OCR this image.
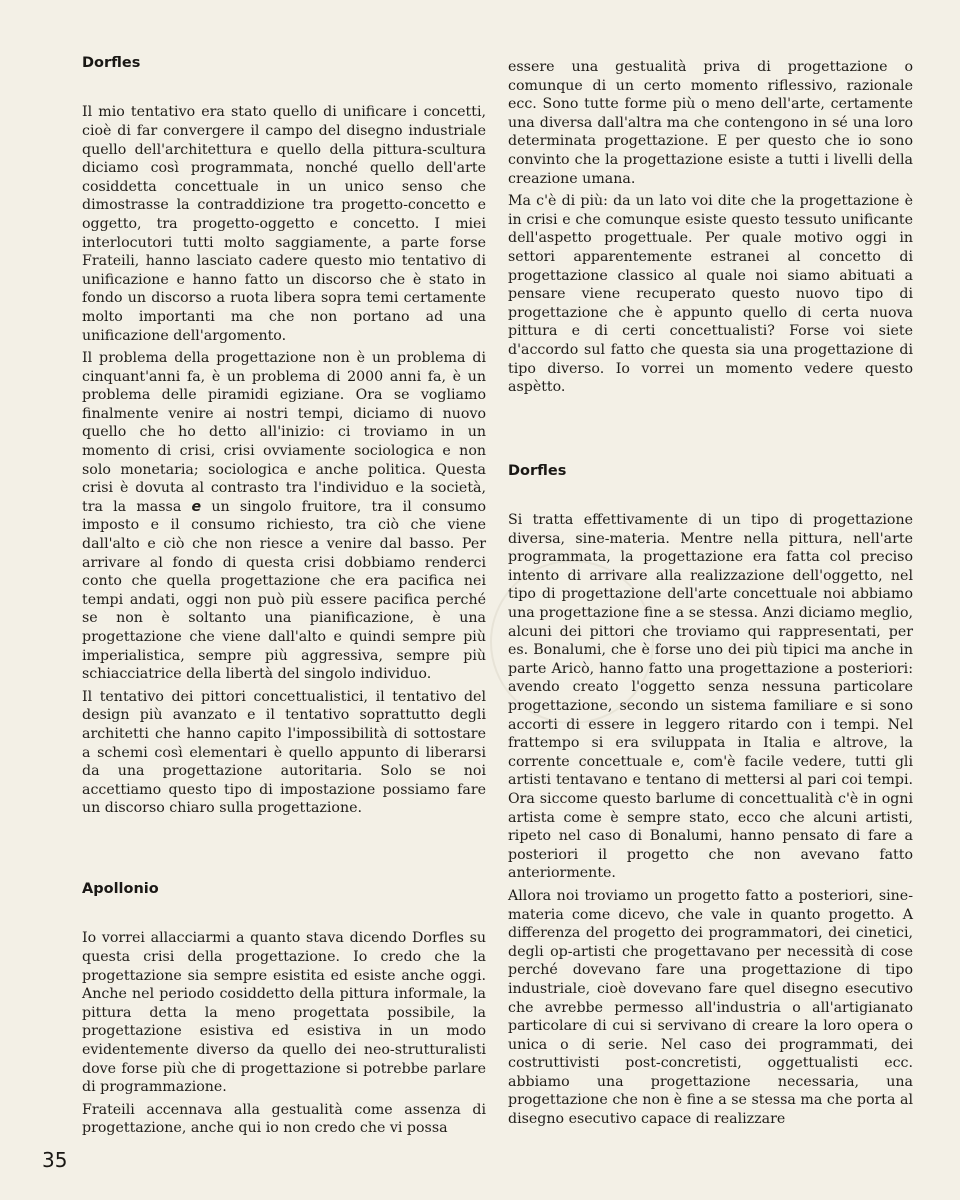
Dorfles

Il mio tentativo era stato quello di unificare i concetti, cioè di far convergere il campo del disegno industriale quello dell'architettura e quello della pittura-scultura diciamo così programmata, nonché quello dell'arte cosiddetta concettuale in un unico senso che dimostrasse la contraddizione tra progetto-concetto e oggetto, tra progetto-oggetto e concetto. I miei interlocutori tutti molto saggiamente, a parte forse Frateili, hanno lasciato cadere questo mio tentativo di unificazione e hanno fatto un discorso che è stato in fondo un discorso a ruota libera sopra temi certamente molto importanti ma che non portano ad una unificazione dell'argomento.

Il problema della progettazione non è un problema di cinquant'anni fa, è un problema di 2000 anni fa, è un problema delle piramidi egiziane. Ora se vogliamo finalmente venire ai nostri tempi, diciamo di nuovo quello che ho detto all'inizio: ci troviamo in un momento di crisi, crisi ovviamente sociologica e non solo monetaria; sociologica e anche politica. Questa crisi è dovuta al contrasto tra l'individuo e la società, tra la massa e un singolo fruitore, tra il consumo imposto e il consumo richiesto, tra ciò che viene dall'alto e ciò che non riesce a venire dal basso. Per arrivare al fondo di questa crisi dobbiamo renderci conto che quella progettazione che era pacifica nei tempi andati, oggi non può più essere pacifica perché se non è soltanto una pianificazione, è una progettazione che viene dall'alto e quindi sempre più imperialistica, sempre più aggressiva, sempre più schiacciatrice della libertà del singolo individuo.

Il tentativo dei pittori concettualistici, il tentativo del design più avanzato e il tentativo soprattutto degli architetti che hanno capito l'impossibilità di sottostare a schemi così elementari è quello appunto di liberarsi da una progettazione autoritaria. Solo se noi accettiamo questo tipo di impostazione possiamo fare un discorso chiaro sulla progettazione.

Apollonio

Io vorrei allacciarmi a quanto stava dicendo Dorfles su questa crisi della progettazione. Io credo che la progettazione sia sempre esistita ed esiste anche oggi. Anche nel periodo cosiddetto della pittura informale, la pittura detta la meno progettata possibile, la progettazione esistiva ed esistiva in un modo evidentemente diverso da quello dei neo-strutturalisti dove forse più che di progettazione si potrebbe parlare di programmazione.

Frateili accennava alla gestualità come assenza di progettazione, anche qui io non credo che vi possa

essere una gestualità priva di progettazione o comunque di un certo momento riflessivo, razionale ecc. Sono tutte forme più o meno dell'arte, certamente una diversa dall'altra ma che contengono in sé una loro determinata progettazione. E per questo che io sono convinto che la progettazione esiste a tutti i livelli della creazione umana.

Ma c'è di più: da un lato voi dite che la progettazione è in crisi e che comunque esiste questo tessuto unificante dell'aspetto progettuale. Per quale motivo oggi in settori apparentemente estranei al concetto di progettazione classico al quale noi siamo abituati a pensare viene recuperato questo nuovo tipo di progettazione che è appunto quello di certa nuova pittura e di certi concettualisti? Forse voi siete d'accordo sul fatto che questa sia una progettazione di tipo diverso. Io vorrei un momento vedere questo aspètto.

Dorfles

Si tratta effettivamente di un tipo di progettazione diversa, sine-materia. Mentre nella pittura, nell'arte programmata, la progettazione era fatta col preciso intento di arrivare alla realizzazione dell'oggetto, nel tipo di progettazione dell'arte concettuale noi abbiamo una progettazione fine a se stessa. Anzi diciamo meglio, alcuni dei pittori che troviamo qui rappresentati, per es. Bonalumi, che è forse uno dei più tipici ma anche in parte Aricò, hanno fatto una progettazione a posteriori: avendo creato l'oggetto senza nessuna particolare progettazione, secondo un sistema familiare e si sono accorti di essere in leggero ritardo con i tempi. Nel frattempo si era sviluppata in Italia e altrove, la corrente concettuale e, com'è facile vedere, tutti gli artisti tentavano e tentano di mettersi al pari coi tempi. Ora siccome questo barlume di concettualità c'è in ogni artista come è sempre stato, ecco che alcuni artisti, ripeto nel caso di Bonalumi, hanno pensato di fare a posteriori il progetto che non avevano fatto anteriormente.

Allora noi troviamo un progetto fatto a posteriori, sine-materia come dicevo, che vale in quanto progetto. A differenza del progetto dei programmatori, dei cinetici, degli op-artisti che progettavano per necessità di cose perché dovevano fare una progettazione di tipo industriale, cioè dovevano fare quel disegno esecutivo che avrebbe permesso all'industria o all'artigianato particolare di cui si servivano di creare la loro opera o unica o di serie. Nel caso dei programmati, dei costruttivisti post-concretisti, oggettualisti ecc. abbiamo una progettazione necessaria, una progettazione che non è fine a se stessa ma che porta al disegno esecutivo capace di realizzare

35
